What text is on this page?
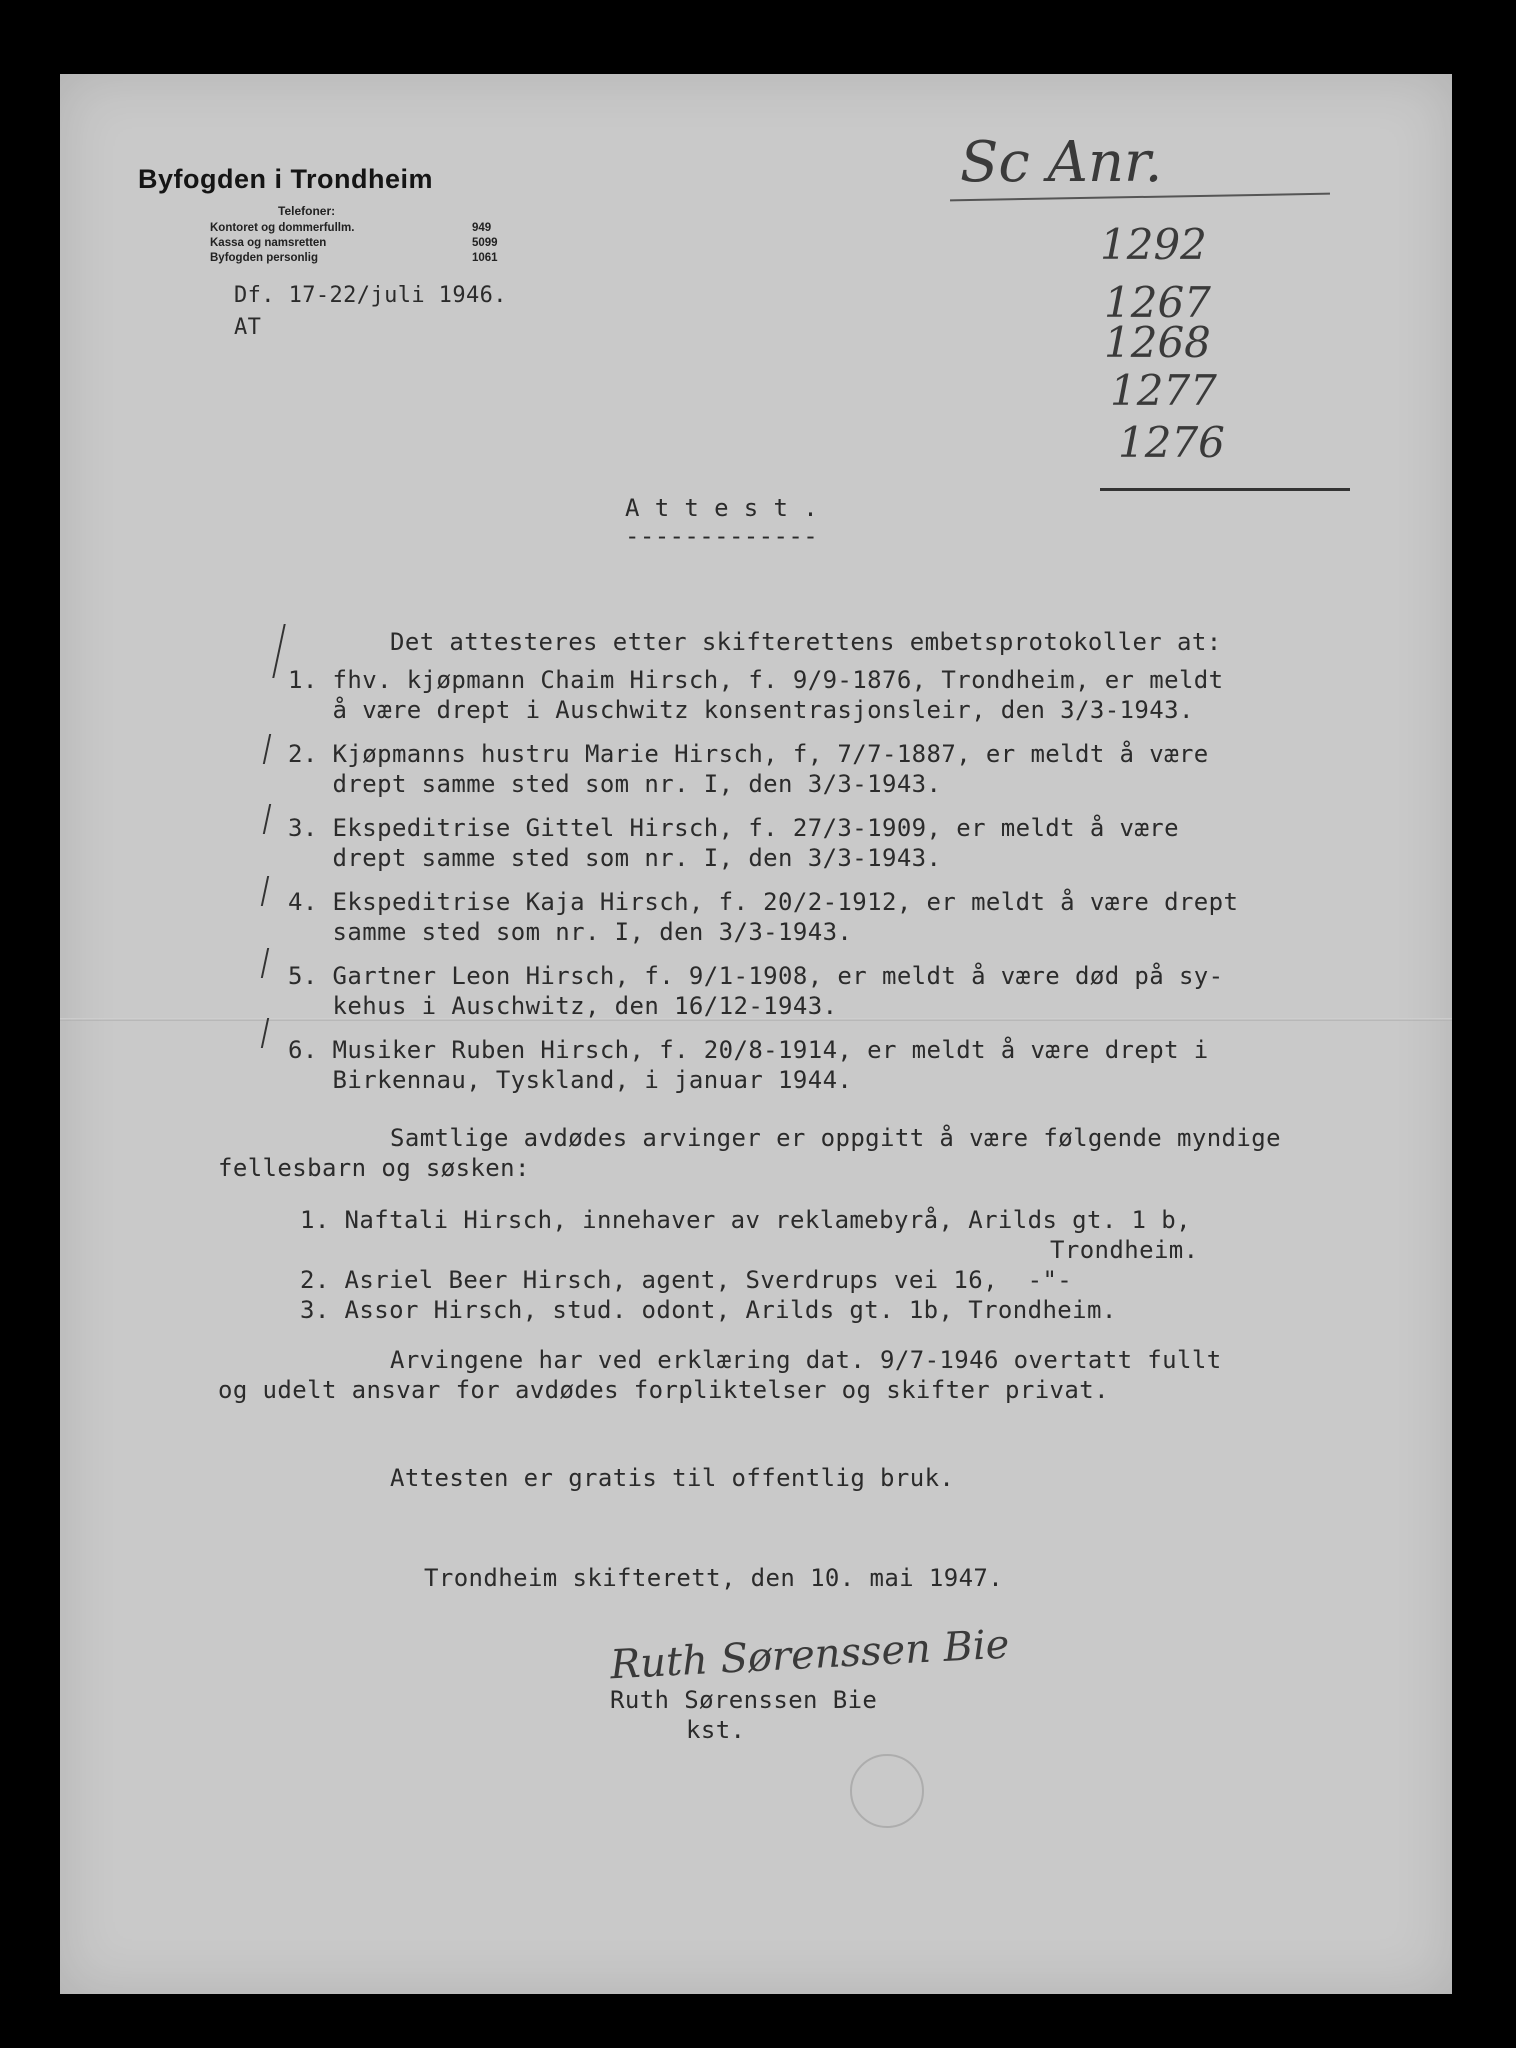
Byfogden i Trondheim
Telefoner:
Kontoret og dommerfullm.	949
Kassa og namsretten	5099
Byfogden personlig	1061
Df. 17-22/juli 1946.
AT
Sc Anr.
1292
1267
1268
1277
1276
A t t e s t .
-------------
Det attesteres etter skifterettens embetsprotokoller at:
1. fhv. kjøpmann Chaim Hirsch, f. 9/9-1876, Trondheim, er meldt
å være drept i Auschwitz konsentrasjonsleir, den 3/3-1943.
2. Kjøpmanns hustru Marie Hirsch, f, 7/7-1887, er meldt å være
drept samme sted som nr. I, den 3/3-1943.
3. Ekspeditrise Gittel Hirsch, f. 27/3-1909, er meldt å være
drept samme sted som nr. I, den 3/3-1943.
4. Ekspeditrise Kaja Hirsch, f. 20/2-1912, er meldt å være drept
samme sted som nr. I, den 3/3-1943.
5. Gartner Leon Hirsch, f. 9/1-1908, er meldt å være død på sy-
kehus i Auschwitz, den 16/12-1943.
6. Musiker Ruben Hirsch, f. 20/8-1914, er meldt å være drept i
Birkennau, Tyskland, i januar 1944.
Samtlige avdødes arvinger er oppgitt å være følgende myndige
fellesbarn og søsken:
1. Naftali Hirsch, innehaver av reklamebyrå, Arilds gt. 1 b,
Trondheim.
2. Asriel Beer Hirsch, agent, Sverdrups vei 16,  -"-
3. Assor Hirsch, stud. odont, Arilds gt. 1b, Trondheim.
Arvingene har ved erklæring dat. 9/7-1946 overtatt fullt
og udelt ansvar for avdødes forpliktelser og skifter privat.
Attesten er gratis til offentlig bruk.
Trondheim skifterett, den 10. mai 1947.
Ruth Sørenssen Bie
Ruth Sørenssen Bie
kst.
